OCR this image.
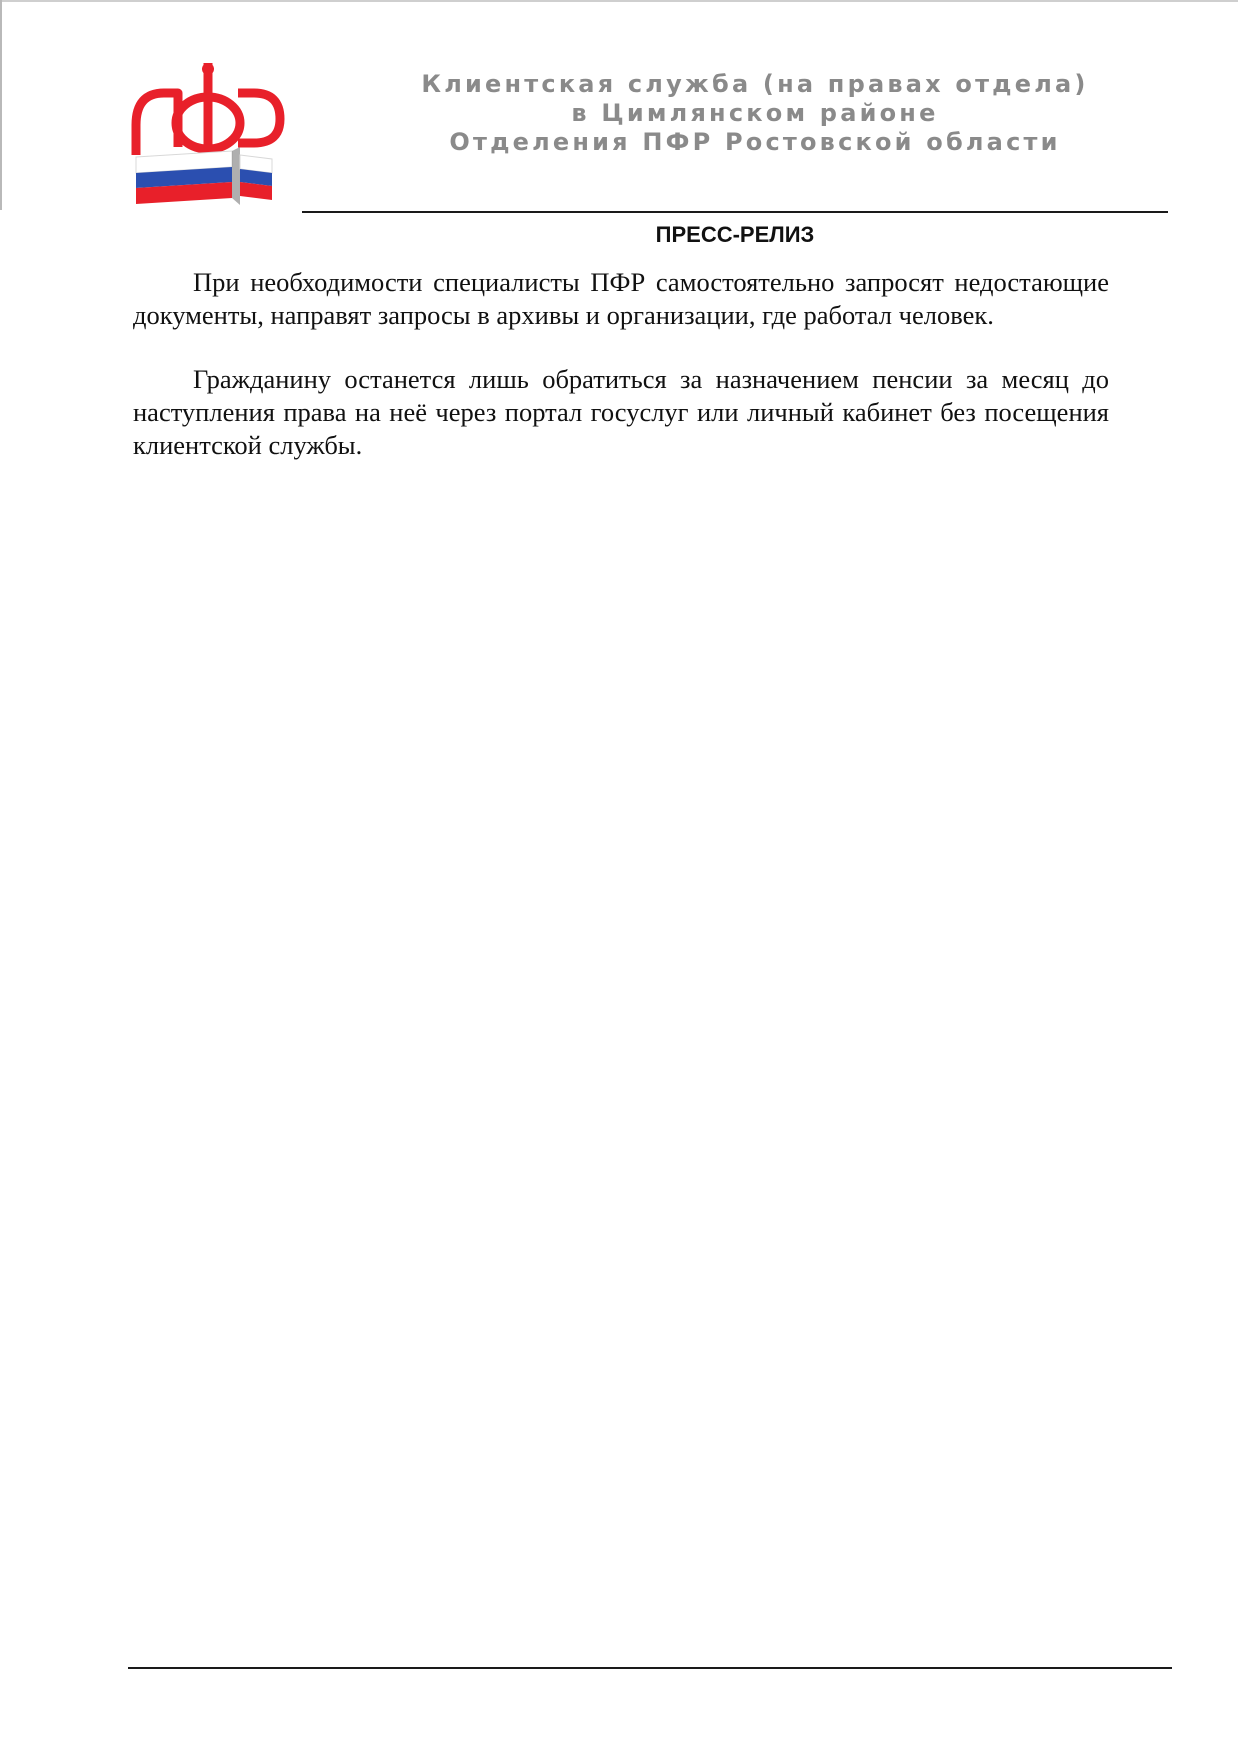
Клиентская служба (на правах отдела)
в Цимлянском районе
Отделения ПФР Ростовской области
ПРЕСС-РЕЛИЗ

При необходимости специалисты ПФР самостоятельно запросят недостающие документы, направят запросы в архивы и организации, где работал человек.

Гражданину останется лишь обратиться за назначением пенсии за месяц до наступления права на неё через портал госуслуг или личный кабинет без посещения клиентской службы.
